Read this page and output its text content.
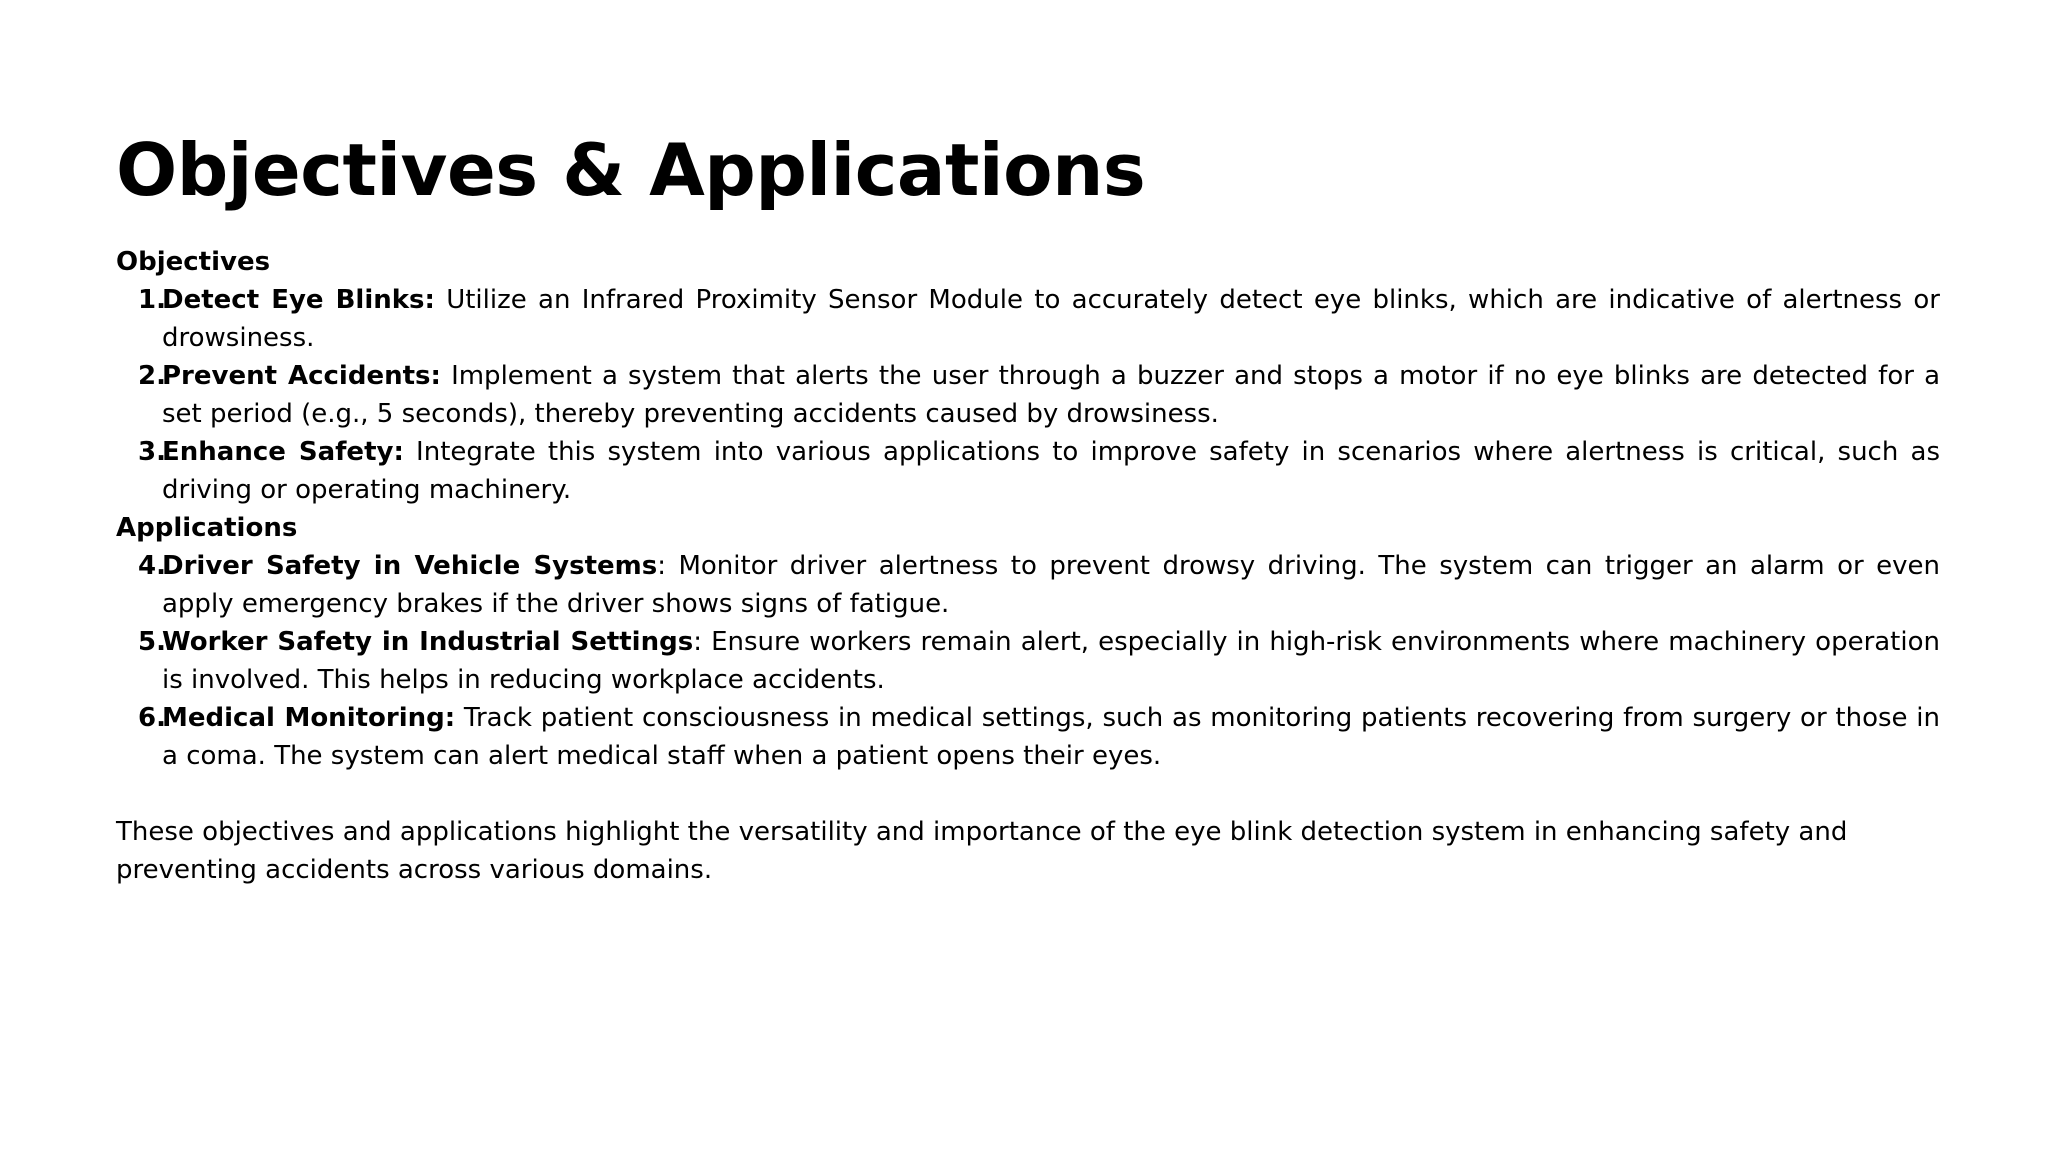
Objectives & Applications

Objectives

1.
Detect Eye Blinks: Utilize an Infrared Proximity Sensor Module to accurately detect eye blinks, which are indicative of alertness or drowsiness.
2.
Prevent Accidents: Implement a system that alerts the user through a buzzer and stops a motor if no eye blinks are detected for a set period (e.g., 5 seconds), thereby preventing accidents caused by drowsiness.
3.
Enhance Safety: Integrate this system into various applications to improve safety in scenarios where alertness is critical, such as driving or operating machinery.

Applications

4.
Driver Safety in Vehicle Systems: Monitor driver alertness to prevent drowsy driving. The system can trigger an alarm or even apply emergency brakes if the driver shows signs of fatigue.
5.
Worker Safety in Industrial Settings: Ensure workers remain alert, especially in high-risk environments where machinery operation is involved. This helps in reducing workplace accidents.
6.
Medical Monitoring: Track patient consciousness in medical settings, such as monitoring patients recovering from surgery or those in a coma. The system can alert medical staff when a patient opens their eyes.

These objectives and applications highlight the versatility and importance of the eye blink detection system in enhancing safety and preventing accidents across various domains.
